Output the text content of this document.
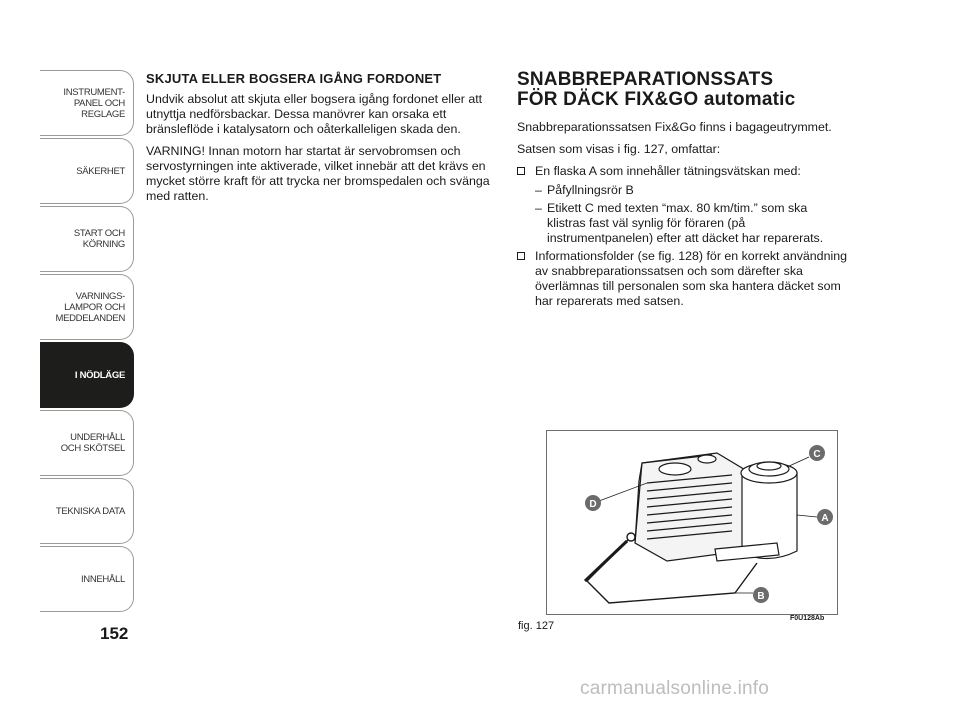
INSTRUMENT-
PANEL OCH
REGLAGE
SÄKERHET
START OCH
KÖRNING
VARNINGS-
LAMPOR OCH
MEDDELANDEN
I NÖDLÄGE
UNDERHÅLL
OCH SKÖTSEL
TEKNISKA DATA
INNEHÅLL
152
SKJUTA ELLER BOGSERA IGÅNG FORDONET

Undvik absolut att skjuta eller bogsera igång fordonet eller att utnyttja nedförsbackar. Dessa manövrer kan orsaka ett bränsleflöde i katalysatorn och oåterkalleligen skada den.

VARNING! Innan motorn har startat är servobromsen och servostyrningen inte aktiverade, vilket innebär att det krävs en mycket större kraft för att trycka ner bromspedalen och svänga med ratten.

SNABBREPARATIONSSATS
FÖR DÄCK FIX&GO automatic

Snabbreparationssatsen Fix&Go finns i bagageutrymmet.

Satsen som visas i fig. 127, omfattar:

En flaska A som innehåller tätningsvätskan med:
– Påfyllningsrör B
– Etikett C med texten “max. 80 km/tim.” som ska klistras fast väl synlig för föraren (på instrumentpanelen) efter att däcket har reparerats.
Informationsfolder (se fig. 128) för en korrekt användning av snabbreparationssatsen och som därefter ska överlämnas till personalen som ska hantera däcket som har reparerats med satsen.
C
A
D
B
fig. 127
F0U128Ab
carmanualsonline.info
